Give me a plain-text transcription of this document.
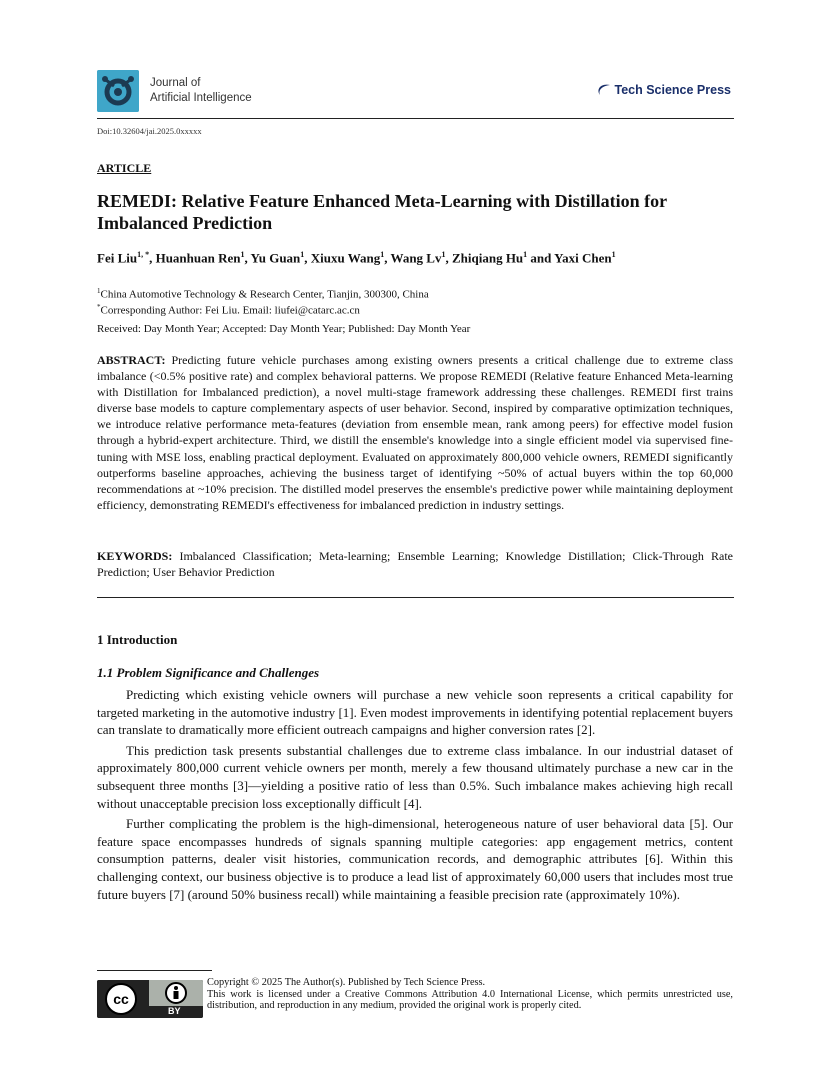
Journal of
Artificial Intelligence
Tech Science Press
Doi:10.32604/jai.2025.0xxxxx
ARTICLE
REMEDI: Relative Feature Enhanced Meta-Learning with Distillation for Imbalanced Prediction
Fei Liu$^{1, *}$, Huanhuan Ren$^1$, Yu Guan$^1$, Xiuxu Wang$^1$, Wang Lv$^1$, Zhiqiang Hu$^1$ and Yaxi Chen$^1$
$^1$China Automotive Technology & Research Center, Tianjin, 300300, China
*Corresponding Author: Fei Liu. Email: liufei@catarc.ac.cn
Received: Day Month Year; Accepted: Day Month Year; Published: Day Month Year
ABSTRACT: Predicting future vehicle purchases among existing owners presents a critical challenge due to extreme class imbalance (<0.5% positive rate) and complex behavioral patterns. We propose REMEDI (Relative feature Enhanced Meta-learning with Distillation for Imbalanced prediction), a novel multi-stage framework addressing these challenges. REMEDI first trains diverse base models to capture complementary aspects of user behavior. Second, inspired by comparative optimization techniques, we introduce relative performance meta-features (deviation from ensemble mean, rank among peers) for effective model fusion through a hybrid-expert architecture. Third, we distill the ensemble's knowledge into a single efficient model via supervised fine-tuning with MSE loss, enabling practical deployment. Evaluated on approximately 800,000 vehicle owners, REMEDI significantly outperforms baseline approaches, achieving the business target of identifying ~50% of actual buyers within the top 60,000 recommendations at ~10% precision. The distilled model preserves the ensemble's predictive power while maintaining deployment efficiency, demonstrating REMEDI's effectiveness for imbalanced prediction in industry settings.
KEYWORDS: Imbalanced Classification; Meta-learning; Ensemble Learning; Knowledge Distillation; Click-Through Rate Prediction; User Behavior Prediction
1 Introduction
1.1 Problem Significance and Challenges

Predicting which existing vehicle owners will purchase a new vehicle soon represents a critical capability for targeted marketing in the automotive industry [1]. Even modest improvements in identifying potential replacement buyers can translate to dramatically more efficient outreach campaigns and higher conversion rates [2].

This prediction task presents substantial challenges due to extreme class imbalance. In our industrial dataset of approximately 800,000 current vehicle owners per month, merely a few thousand ultimately purchase a new car in the subsequent three months [3]—yielding a positive ratio of less than 0.5%. Such imbalance makes achieving high recall without unacceptable precision loss exceptionally difficult [4].

Further complicating the problem is the high-dimensional, heterogeneous nature of user behavioral data [5]. Our feature space encompasses hundreds of signals spanning multiple categories: app engagement metrics, content consumption patterns, dealer visit histories, communication records, and demographic attributes [6]. Within this challenging context, our business objective is to produce a lead list of approximately 60,000 users that includes most true future buyers [7] (around 50% business recall) while maintaining a feasible precision rate (approximately 10%).

cc
BY
Copyright © 2025 The Author(s). Published by Tech Science Press.
This work is licensed under a Creative Commons Attribution 4.0 International License, which permits unrestricted use, distribution, and reproduction in any medium, provided the original work is properly cited.
